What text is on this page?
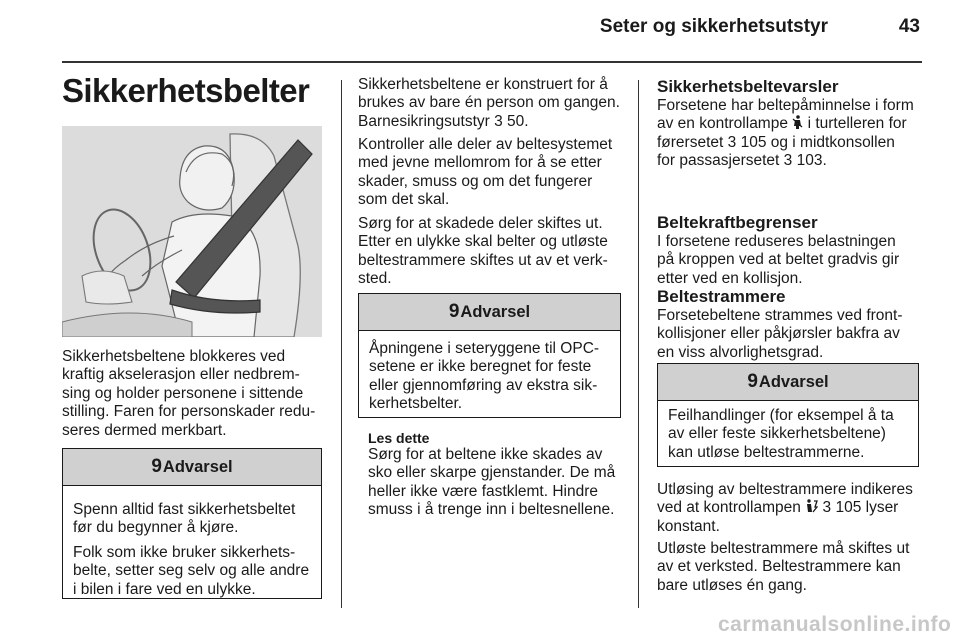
Seter og sikkerhetsutstyr	43
Sikkerhetsbelter
Sikkerhetsbeltene blokkeres ved
kraftig akselerasjon eller nedbrem-
sing og holder personene i sittende
stilling. Faren for personskader redu-
seres dermed merkbart.
9 Advarsel

Spenn alltid fast sikkerhetsbeltet
før du begynner å kjøre.

Folk som ikke bruker sikkerhets-
belte, setter seg selv og alle andre
i bilen i fare ved en ulykke.

Sikkerhetsbeltene er konstruert for å
brukes av bare én person om gangen.
Barnesikringsutstyr 3 50.
Kontroller alle deler av beltesystemet
med jevne mellomrom for å se etter
skader, smuss og om det fungerer
som det skal.
Sørg for at skadede deler skiftes ut.
Etter en ulykke skal belter og utløste
beltestrammere skiftes ut av et verk-
sted.
9 Advarsel

Åpningene i seteryggene til OPC-
setene er ikke beregnet for feste
eller gjennomføring av ekstra sik-
kerhetsbelter.

Les dette
Sørg for at beltene ikke skades av
sko eller skarpe gjenstander. De må
heller ikke være fastklemt. Hindre
smuss i å trenge inn i beltesnellene.
Sikkerhetsbeltevarsler
Forsetene har beltepåminnelse i form
av en kontrollampe  i turtelleren for
førersetet 3 105 og i midtkonsollen
for passasjersetet 3 103.
Beltekraftbegrenser
I forsetene reduseres belastningen
på kroppen ved at beltet gradvis gir
etter ved en kollisjon.
Beltestrammere
Forsetebeltene strammes ved front-
kollisjoner eller påkjørsler bakfra av
en viss alvorlighetsgrad.
9 Advarsel

Feilhandlinger (for eksempel å ta
av eller feste sikkerhetsbeltene)
kan utløse beltestrammerne.

Utløsing av beltestrammere indikeres
ved at kontrollampen  3 105 lyser
konstant.
Utløste beltestrammere må skiftes ut
av et verksted. Beltestrammere kan
bare utløses én gang.
carmanualsonline.info
